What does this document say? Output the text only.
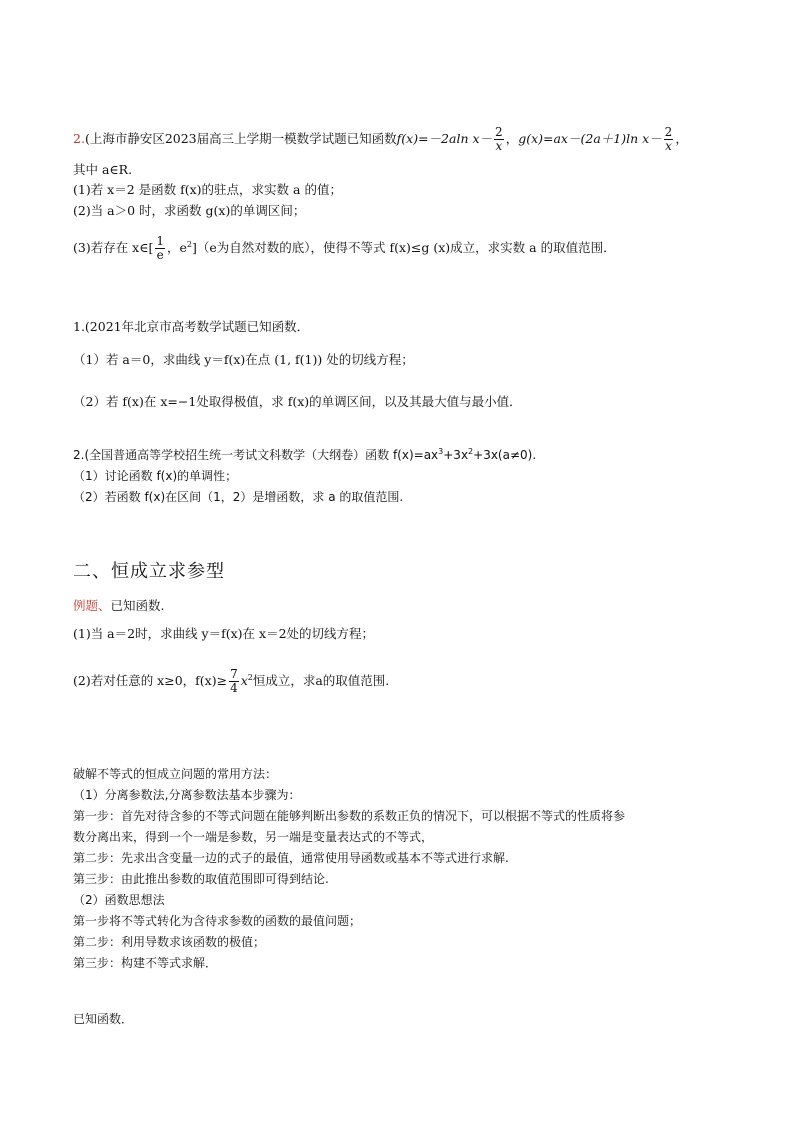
2.(上海市静安区2023届高三上学期一模数学试题已知函数f(x)=－2aln $x- \frac{2}{x}$ ，g(x)=ax－(2a＋1)ln $x- \frac{2}{x}$ ，
其中 a∈R.
(1)若 x＝2 是函数 f(x)的驻点，求实数 a 的值；
(2)当 a＞0 时，求函数 g(x)的单调区间；
(3)若存在 x∈[ $\frac{1}{e}$ ，$e^2](e$为自然对数的底），使得不等式 f(x)≤g (x)成立，求实数 a 的取值范围．
1.(2021年北京市高考数学试题已知函数．
（1）若 a＝0，求曲线 y＝f(x)在点 (1, f(1)) 处的切线方程；
（2）若 f(x)在 x=−1处取得极值，求 f(x)的单调区间，以及其最大值与最小值．
2.(全国普通高等学校招生统一考试文科数学（大纲卷）函数 $f(x)=ax^3+3x^2+3x(a\ne 0)$.
（1）讨论函数 f(x)的单调性；
（2）若函数 f(x)在区间（1，2）是增函数，求 a 的取值范围.
二、恒成立求参型
例题、已知函数.
(1)当 a＝2时，求曲线 y＝f(x)在 x＝2处的切线方程；
(2)若对任意的 x≥0，$f(x)\ge \frac{7}{4} x^2$恒成立，求a的取值范围.
破解不等式的恒成立问题的常用方法：
（1）分离参数法,分离参数法基本步骤为：
第一步：首先对待含参的不等式问题在能够判断出参数的系数正负的情况下，可以根据不等式的性质将参
数分离出来，得到一个一端是参数，另一端是变量表达式的不等式，
第二步：先求出含变量一边的式子的最值，通常使用导函数或基本不等式进行求解.
第三步：由此推出参数的取值范围即可得到结论.
（2）函数思想法
第一步将不等式转化为含待求参数的函数的最值问题；
第二步：利用导数求该函数的极值；
第三步：构建不等式求解．
已知函数．
